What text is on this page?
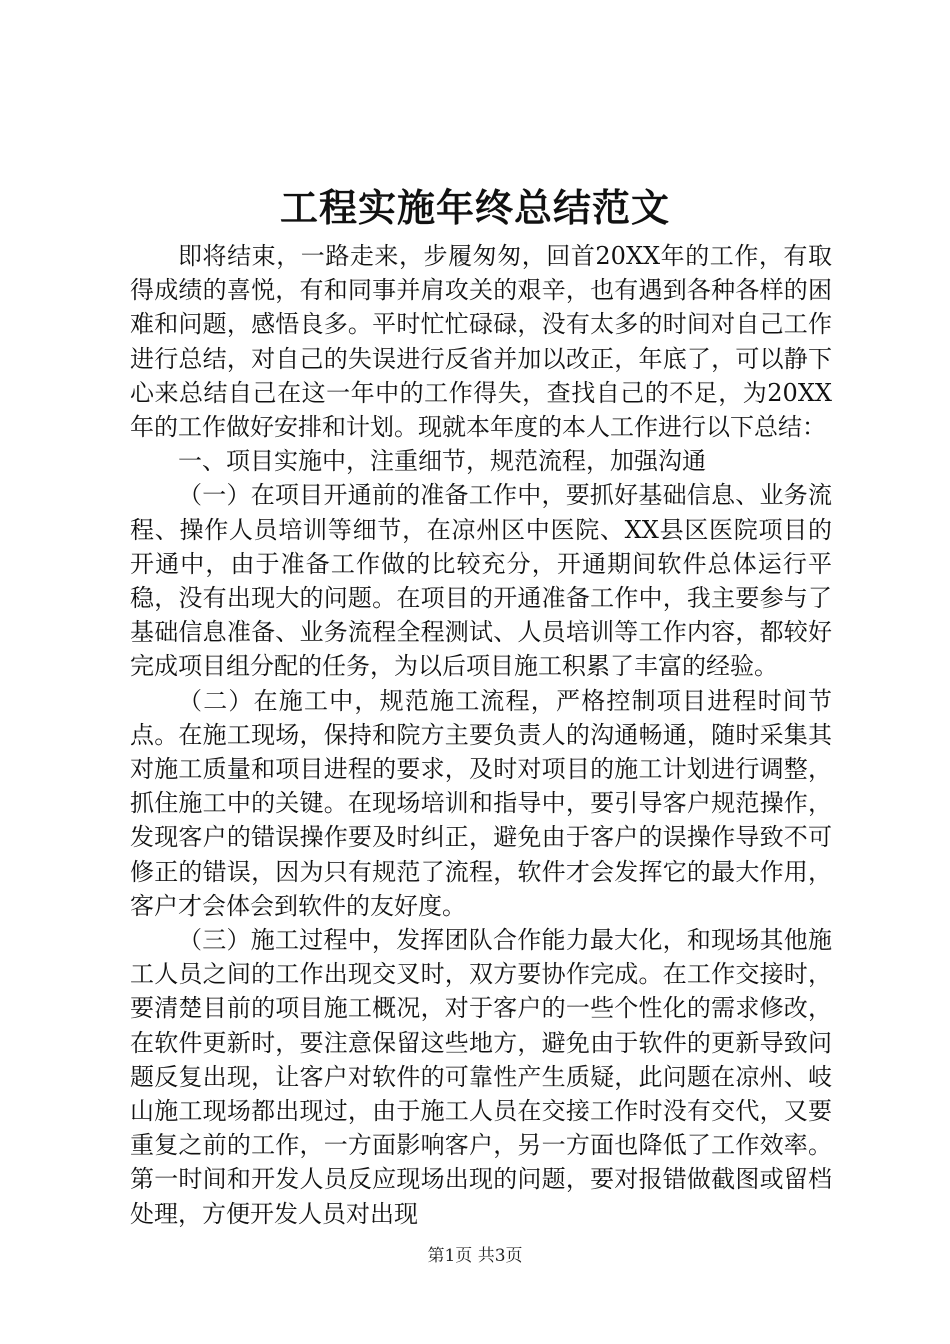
工程实施年终总结范文

即将结束，一路走来，步履匆匆，回首20XX年的工作，有取得成绩的喜悦，有和同事并肩攻关的艰辛，也有遇到各种各样的困难和问题，感悟良多。平时忙忙碌碌，没有太多的时间对自己工作进行总结，对自己的失误进行反省并加以改正，年底了，可以静下心来总结自己在这一年中的工作得失，查找自己的不足，为20XX年的工作做好安排和计划。现就本年度的本人工作进行以下总结：

一、项目实施中，注重细节，规范流程，加强沟通

（一）在项目开通前的准备工作中，要抓好基础信息、业务流程、操作人员培训等细节，在凉州区中医院、XX县区医院项目的开通中，由于准备工作做的比较充分，开通期间软件总体运行平稳，没有出现大的问题。在项目的开通准备工作中，我主要参与了基础信息准备、业务流程全程测试、人员培训等工作内容，都较好完成项目组分配的任务，为以后项目施工积累了丰富的经验。

（二）在施工中，规范施工流程，严格控制项目进程时间节点。在施工现场，保持和院方主要负责人的沟通畅通，随时采集其对施工质量和项目进程的要求，及时对项目的施工计划进行调整，抓住施工中的关键。在现场培训和指导中，要引导客户规范操作，发现客户的错误操作要及时纠正，避免由于客户的误操作导致不可修正的错误，因为只有规范了流程，软件才会发挥它的最大作用，客户才会体会到软件的友好度。

（三）施工过程中，发挥团队合作能力最大化，和现场其他施工人员之间的工作出现交叉时，双方要协作完成。在工作交接时，要清楚目前的项目施工概况，对于客户的一些个性化的需求修改，在软件更新时，要注意保留这些地方，避免由于软件的更新导致问题反复出现，让客户对软件的可靠性产生质疑，此问题在凉州、岐山施工现场都出现过，由于施工人员在交接工作时没有交代，又要重复之前的工作，一方面影响客户，另一方面也降低了工作效率。第一时间和开发人员反应现场出现的问题，要对报错做截图或留档处理，方便开发人员对出现

第1页 共3页
